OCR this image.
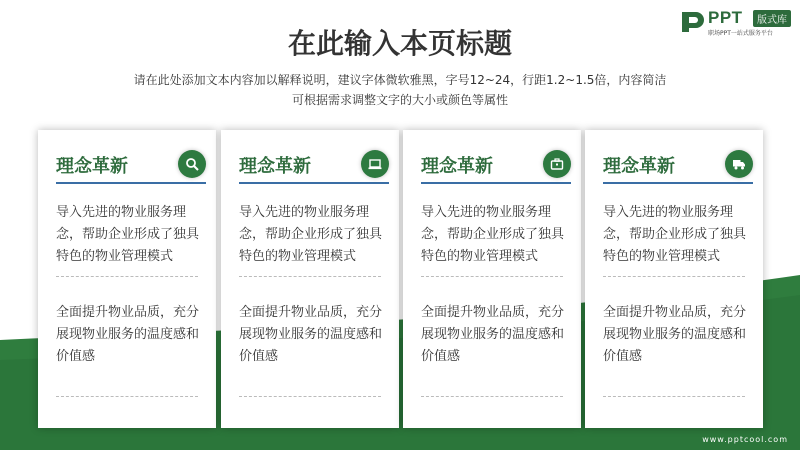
PPT	版式库
职场PPT一站式服务平台
在此输入本页标题
请在此处添加文本内容加以解释说明，建议字体微软雅黑，字号12~24，行距1.2~1.5倍，内容简洁
可根据需求调整文字的大小或颜色等属性
理念革新
导入先进的物业服务理念，帮助企业形成了独具特色的物业管理模式
全面提升物业品质，充分展现物业服务的温度感和价值感
理念革新
导入先进的物业服务理念，帮助企业形成了独具特色的物业管理模式
全面提升物业品质，充分展现物业服务的温度感和价值感
理念革新
导入先进的物业服务理念，帮助企业形成了独具特色的物业管理模式
全面提升物业品质，充分展现物业服务的温度感和价值感
理念革新
导入先进的物业服务理念，帮助企业形成了独具特色的物业管理模式
全面提升物业品质，充分展现物业服务的温度感和价值感
www.pptcool.com
